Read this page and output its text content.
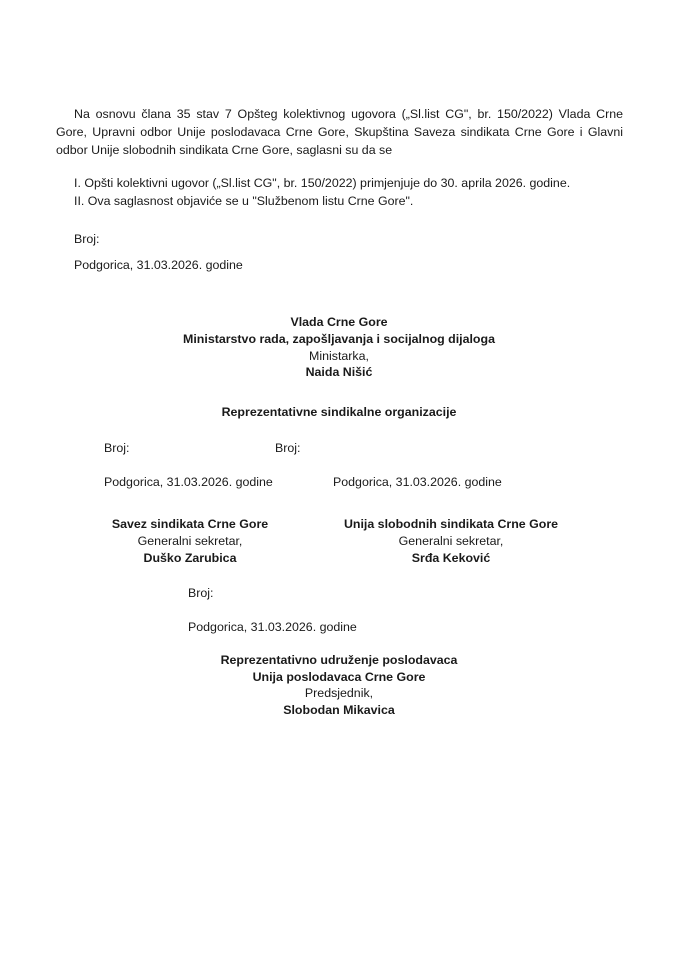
Na osnovu člana 35 stav 7 Opšteg kolektivnog ugovora („Sl.list CG", br. 150/2022) Vlada Crne Gore, Upravni odbor Unije poslodavaca Crne Gore, Skupština Saveza sindikata Crne Gore i Glavni odbor Unije slobodnih sindikata Crne Gore, saglasni su da se
I. Opšti kolektivni ugovor („Sl.list CG", br. 150/2022) primjenjuje do 30. aprila 2026. godine.
II. Ova saglasnost objaviće se u "Službenom listu Crne Gore".
Broj:
Podgorica, 31.03.2026. godine
Vlada Crne Gore
Ministarstvo rada, zapošljavanja i socijalnog dijaloga
Ministarka,
Naida Nišić
Reprezentativne sindikalne organizacije
Broj:	Broj:
Podgorica, 31.03.2026. godine	Podgorica, 31.03.2026. godine
Savez sindikata Crne Gore
Generalni sekretar,
Duško Zarubica
Unija slobodnih sindikata Crne Gore
Generalni sekretar,
Srđa Keković
Broj:
Podgorica, 31.03.2026. godine
Reprezentativno udruženje poslodavaca
Unija poslodavaca Crne Gore
Predsjednik,
Slobodan Mikavica
